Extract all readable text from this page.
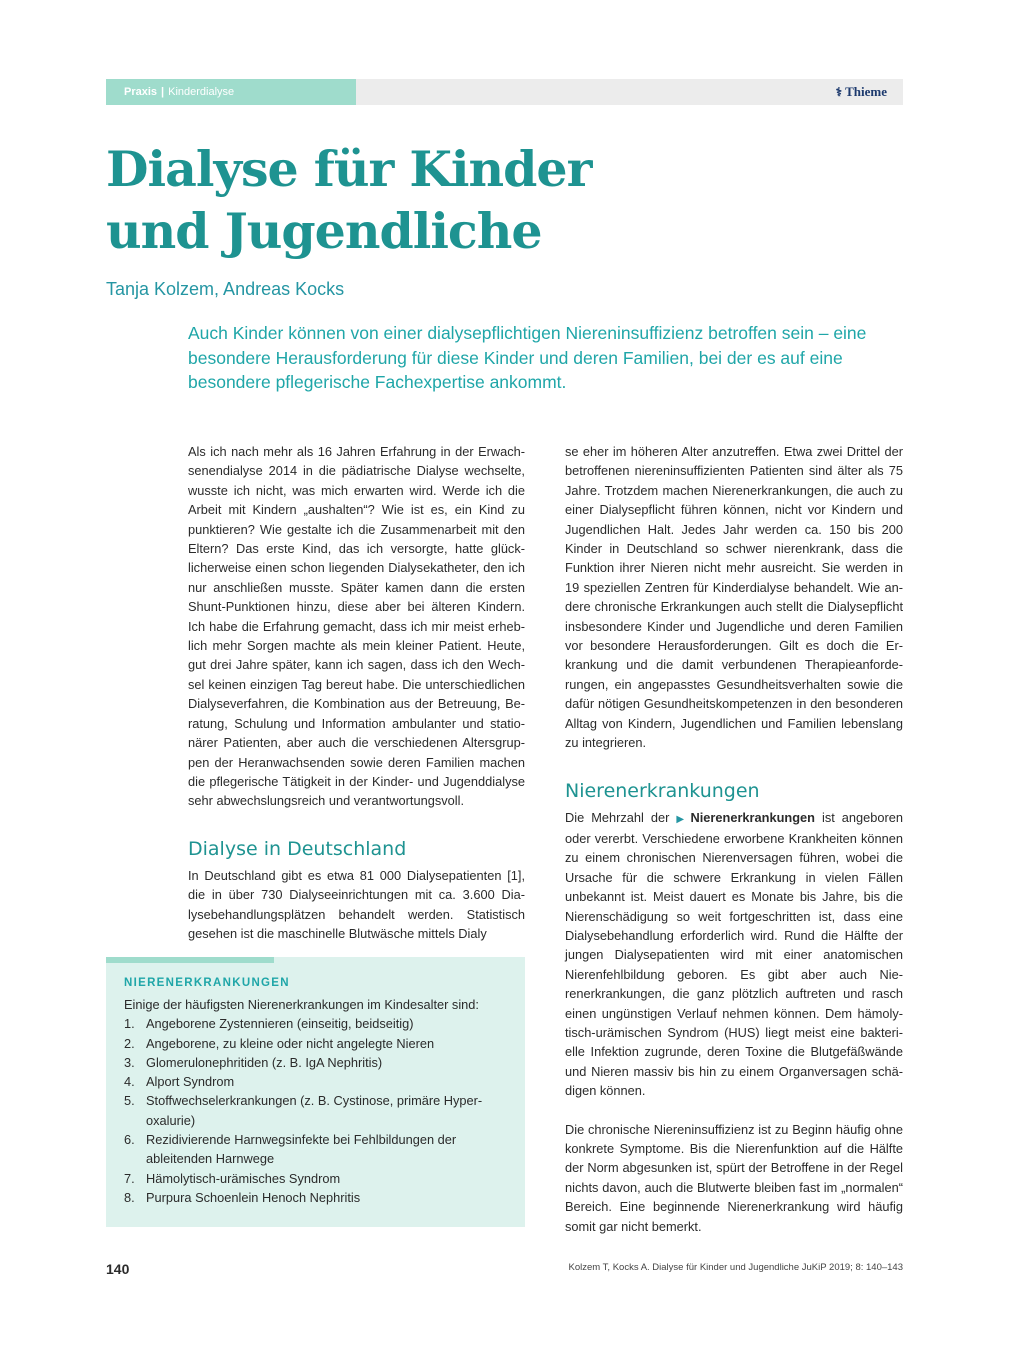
Praxis | Kinderdialyse	⚕ Thieme
Dialyse für Kinder
und Jugendliche
Tanja Kolzem, Andreas Kocks

Auch Kinder können von einer dialysepflichtigen Niereninsuffizienz betroffen sein – eine besondere Herausforderung für diese Kinder und deren Familien, bei der es auf eine besondere pflegerische Fachexpertise ankommt.

Als ich nach mehr als 16 Jahren Erfahrung in der Erwachsenendialyse 2014 in die pädiatrische Dialyse wechselte, wusste ich nicht, was mich erwarten wird. Werde ich die Arbeit mit Kindern „aushalten“? Wie ist es, ein Kind zu punktieren? Wie gestalte ich die Zusammenarbeit mit den Eltern? Das erste Kind, das ich versorgte, hatte glücklicherweise einen schon liegenden Dialysekatheter, den ich nur anschließen musste. Später kamen dann die ersten Shunt-Punktionen hinzu, diese aber bei älteren Kindern. Ich habe die Erfahrung gemacht, dass ich mir meist erheblich mehr Sorgen machte als mein kleiner Patient. Heute, gut drei Jahre später, kann ich sagen, dass ich den Wechsel keinen einzigen Tag bereut habe. Die unterschiedlichen Dialyseverfahren, die Kombination aus der Betreuung, Beratung, Schulung und Information ambulanter und stationärer Patienten, aber auch die verschiedenen Altersgruppen der Heranwachsenden sowie deren Familien machen die pflegerische Tätigkeit in der Kinder- und Jugenddialyse sehr abwechslungsreich und verantwortungsvoll.

Dialyse in Deutschland

In Deutschland gibt es etwa 81 000 Dialysepatienten [1], die in über 730 Dialyseeinrichtungen mit ca. 3.600 Dialysebehandlungsplätzen behandelt werden. Statistisch gesehen ist die maschinelle Blutwäsche mittels Dialy

se eher im höheren Alter anzutreffen. Etwa zwei Drittel der betroffenen niereninsuffizienten Patienten sind älter als 75 Jahre. Trotzdem machen Nierenerkrankungen, die auch zu einer Dialysepflicht führen können, nicht vor Kindern und Jugendlichen Halt. Jedes Jahr werden ca. 150 bis 200 Kinder in Deutschland so schwer nierenkrank, dass die Funktion ihrer Nieren nicht mehr ausreicht. Sie werden in 19 speziellen Zentren für Kinderdialyse behandelt. Wie andere chronische Erkrankungen auch stellt die Dialysepflicht insbesondere Kinder und Jugendliche und deren Familien vor besondere Herausforderungen. Gilt es doch die Erkrankung und die damit verbundenen Therapieanforderungen, ein angepasstes Gesundheitsverhalten sowie die dafür nötigen Gesundheitskompetenzen in den besonderen Alltag von Kindern, Jugendlichen und Familien lebenslang zu integrieren.

Nierenerkrankungen

Die Mehrzahl der ▶ Nierenerkrankungen ist angeboren oder vererbt. Verschiedene erworbene Krankheiten können zu einem chronischen Nierenversagen führen, wobei die Ursache für die schwere Erkrankung in vielen Fällen unbekannt ist. Meist dauert es Monate bis Jahre, bis die Nierenschädigung so weit fortgeschritten ist, dass eine Dialysebehandlung erforderlich wird. Rund die Hälfte der jungen Dialysepatienten wird mit einer anatomischen Nierenfehlbildung geboren. Es gibt aber auch Nierenerkrankungen, die ganz plötzlich auftreten und rasch einen ungünstigen Verlauf nehmen können. Dem hämolytisch-urämischen Syndrom (HUS) liegt meist eine bakterielle Infektion zugrunde, deren Toxine die Blutgefäßwände und Nieren massiv bis hin zu einem Organversagen schädigen können.

Die chronische Niereninsuffizienz ist zu Beginn häufig ohne konkrete Symptome. Bis die Nierenfunktion auf die Hälfte der Norm abgesunken ist, spürt der Betroffene in der Regel nichts davon, auch die Blutwerte bleiben fast im „normalen“ Bereich. Eine beginnende Nierenerkrankung wird häufig somit gar nicht bemerkt.

NIERENERKRANKUNGEN
Einige der häufigsten Nierenerkrankungen im Kindesalter sind:
1. Angeborene Zystennieren (einseitig, beidseitig)
2. Angeborene, zu kleine oder nicht angelegte Nieren
3. Glomerulonephritiden (z. B. IgA Nephritis)
4. Alport Syndrom
5. Stoffwechselerkrankungen (z. B. Cystinose, primäre Hyperoxalurie)
6. Rezidivierende Harnwegsinfekte bei Fehlbildungen der ableitenden Harnwege
7. Hämolytisch-urämisches Syndrom
8. Purpura Schoenlein Henoch Nephritis
140	Kolzem T, Kocks A. Dialyse für Kinder und Jugendliche JuKiP 2019; 8: 140–143
